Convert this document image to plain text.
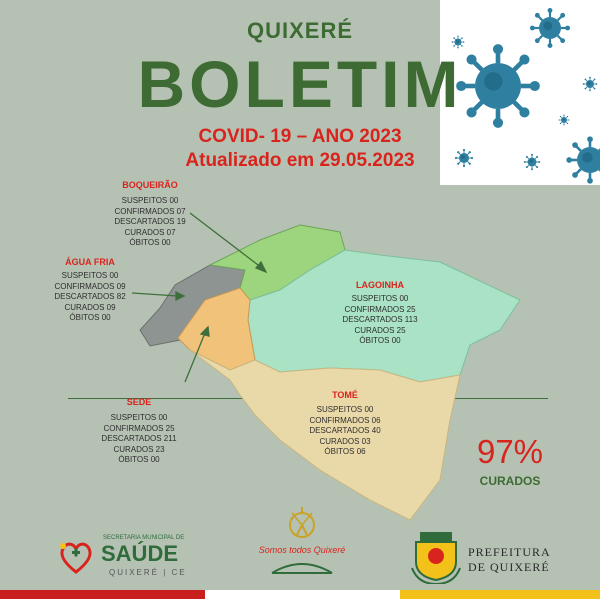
QUIXERÉ
BOLETIM
COVID- 19 – ANO 2023
Atualizado em 29.05.2023
BOQUEIRÃO
SUSPEITOS 00
CONFIRMADOS 07
DESCARTADOS 19
CURADOS 07
ÓBITOS 00
ÁGUA FRIA
SUSPEITOS 00
CONFIRMADOS 09
DESCARTADOS 82
CURADOS 09
ÓBITOS 00
SEDE
SUSPEITOS 00
CONFIRMADOS 25
DESCARTADOS 211
CURADOS 23
ÓBITOS 00
LAGOINHA
SUSPEITOS 00
CONFIRMADOS 25
DESCARTADOS 113
CURADOS 25
ÓBITOS 00
TOMÉ
SUSPEITOS 00
CONFIRMADOS 06
DESCARTADOS 40
CURADOS 03
ÓBITOS 06	97%
CURADOS
SECRETARIA MUNICIPAL DE
SAÚDE
QUIXERÉ | CE
Somos todos Quixeré	PREFEITURA
DE QUIXERÉ
